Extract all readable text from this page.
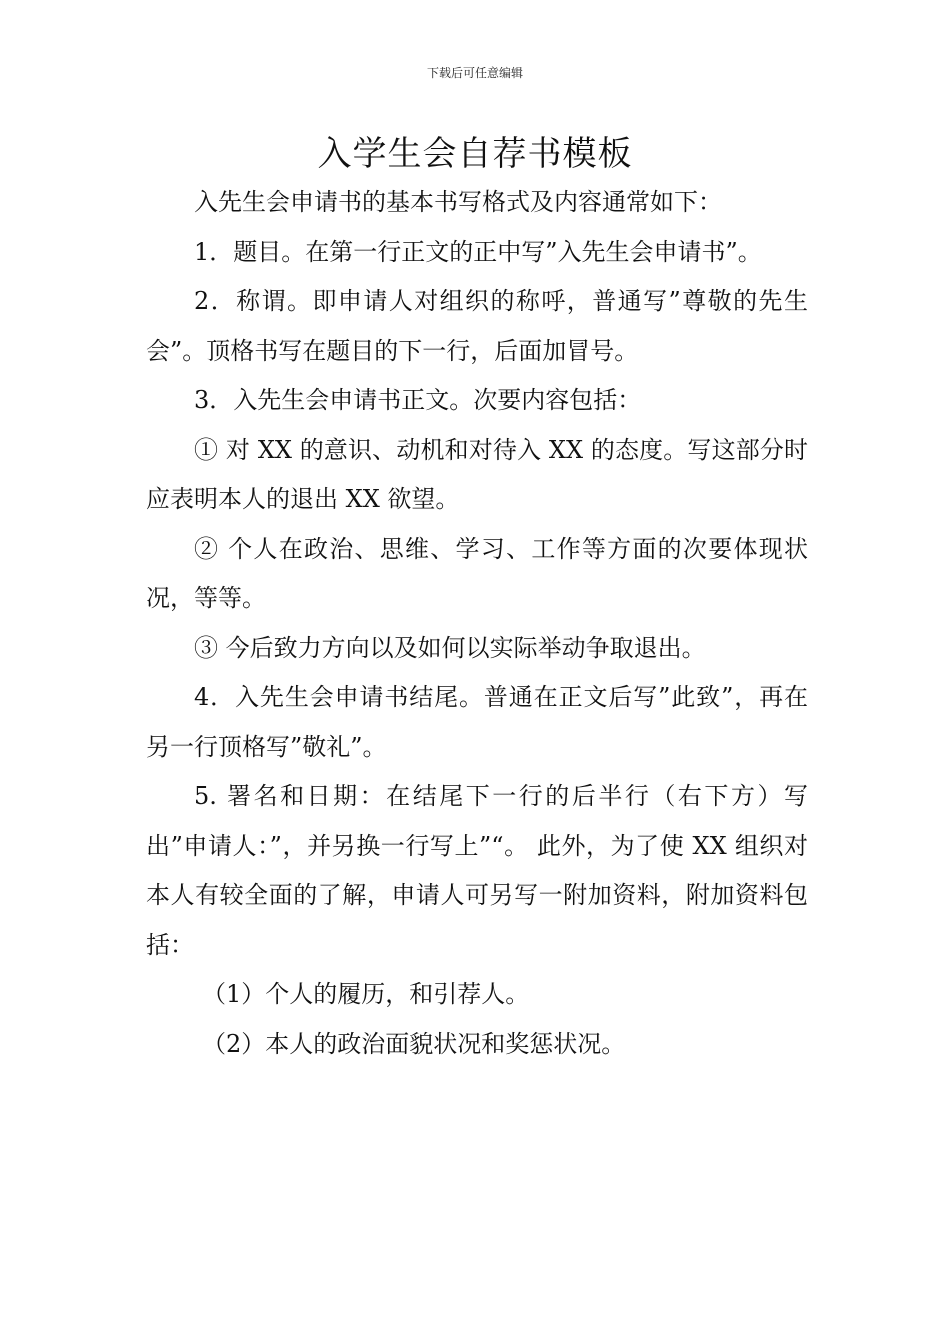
下载后可任意编辑
入学生会自荐书模板

入先生会申请书的基本书写格式及内容通常如下：

1．题目。在第一行正文的正中写”入先生会申请书”。

2．称谓。即申请人对组织的称呼，普通写”尊敬的先生会”。顶格书写在题目的下一行，后面加冒号。

3．入先生会申请书正文。次要内容包括：

① 对 XX 的意识、动机和对待入 XX 的态度。写这部分时应表明本人的退出 XX 欲望。

② 个人在政治、思维、学习、工作等方面的次要体现状况，等等。

③ 今后致力方向以及如何以实际举动争取退出。

4．入先生会申请书结尾。普通在正文后写”此致”，再在另一行顶格写”敬礼”。

5. 署名和日期：在结尾下一行的后半行（右下方）写出”申请人：”，并另换一行写上”“。 此外，为了使 XX 组织对本人有较全面的了解，申请人可另写一附加资料，附加资料包括：

（1）个人的履历，和引荐人。

（2）本人的政治面貌状况和奖惩状况。
